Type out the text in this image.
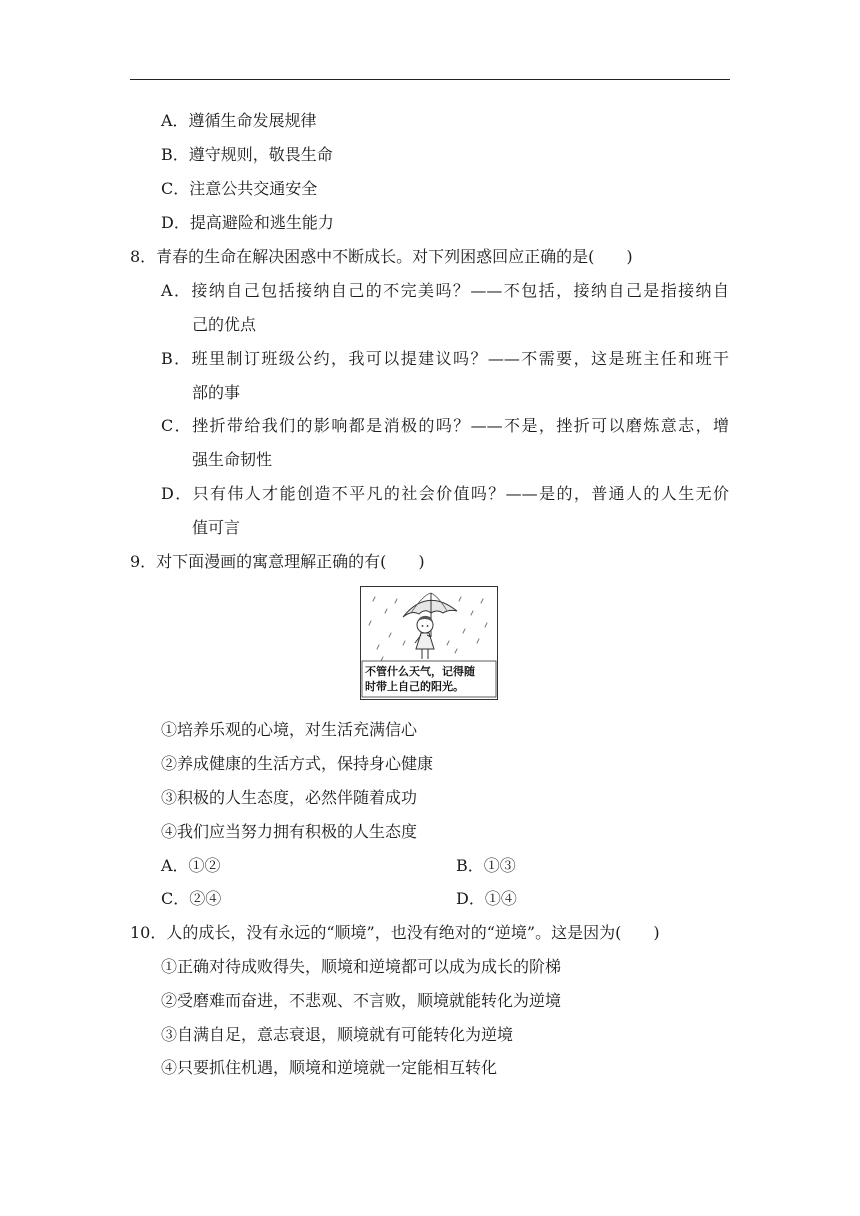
A．遵循生命发展规律
B．遵守规则，敬畏生命
C．注意公共交通安全
D．提高避险和逃生能力
8．青春的生命在解决困惑中不断成长。对下列困惑回应正确的是(　　)
A．接纳自己包括接纳自己的不完美吗？——不包括，接纳自己是指接纳自
己的优点
B．班里制订班级公约，我可以提建议吗？——不需要，这是班主任和班干
部的事
C．挫折带给我们的影响都是消极的吗？——不是，挫折可以磨炼意志，增
强生命韧性
D．只有伟人才能创造不平凡的社会价值吗？——是的，普通人的人生无价
值可言
9．对下面漫画的寓意理解正确的有(　　)
不管什么天气，记得随
时带上自己的阳光。
①培养乐观的心境，对生活充满信心
②养成健康的生活方式，保持身心健康
③积极的人生态度，必然伴随着成功
④我们应当努力拥有积极的人生态度
A．①②	B．①③
C．②④	D．①④
10．人的成长，没有永远的“顺境”，也没有绝对的“逆境”。这是因为(　　)
①正确对待成败得失，顺境和逆境都可以成为成长的阶梯
②受磨难而奋进，不悲观、不言败，顺境就能转化为逆境
③自满自足，意志衰退，顺境就有可能转化为逆境
④只要抓住机遇，顺境和逆境就一定能相互转化
